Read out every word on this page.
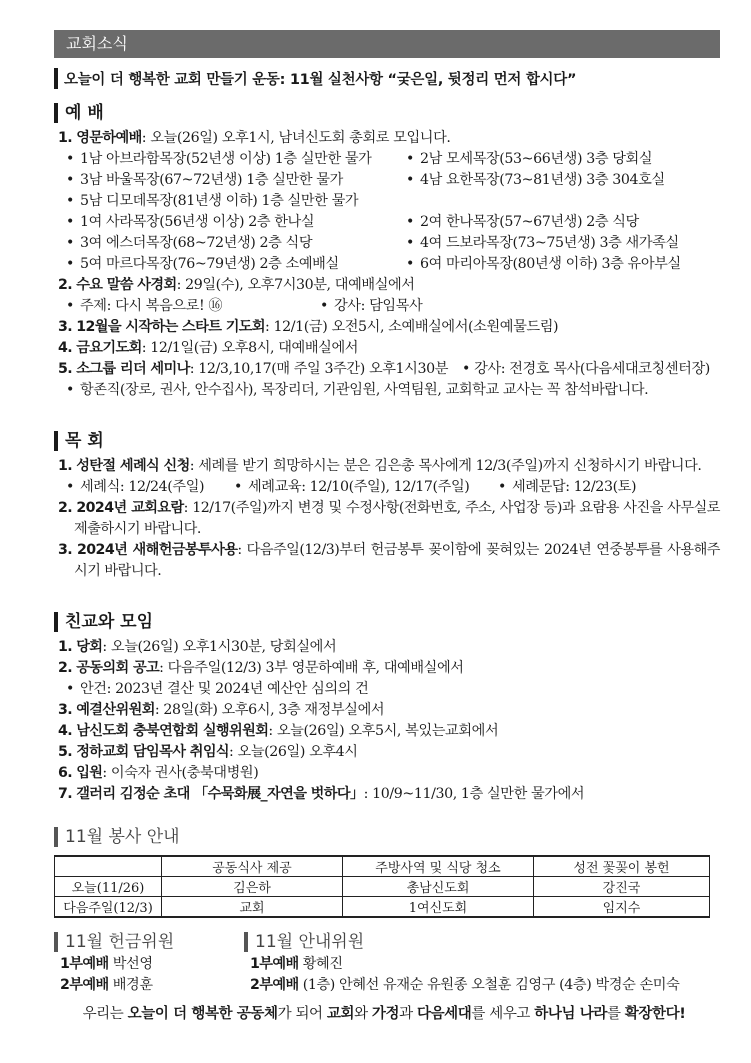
교회소식
오늘이 더 행복한 교회 만들기 운동: 11월 실천사항 “궂은일, 뒷정리 먼저 합시다”
예 배
1. 영문하예배: 오늘(26일) 오후1시, 남녀신도회 총회로 모입니다.
• 1남 아브라함목장(52년생 이상) 1층 실만한 물가	• 2남 모세목장(53~66년생) 3층 당회실
• 3남 바울목장(67~72년생) 1층 실만한 물가	• 4남 요한목장(73~81년생) 3층 304호실
• 5남 디모데목장(81년생 이하) 1층 실만한 물가
• 1여 사라목장(56년생 이상) 2층 한나실	• 2여 한나목장(57~67년생) 2층 식당
• 3여 에스더목장(68~72년생) 2층 식당	• 4여 드보라목장(73~75년생) 3층 새가족실
• 5여 마르다목장(76~79년생) 2층 소예배실	• 6여 마리아목장(80년생 이하) 3층 유아부실
2. 수요 말씀 사경회: 29일(수), 오후7시30분, 대예배실에서
• 주제: 다시 복음으로! ⑯	• 강사: 담임목사
3. 12월을 시작하는 스타트 기도회: 12/1(금) 오전5시, 소예배실에서(소원예물드림)
4. 금요기도회: 12/1일(금) 오후8시, 대예배실에서
5. 소그룹 리더 세미나: 12/3,10,17(매 주일 3주간) 오후1시30분 • 강사: 전경호 목사(다음세대코칭센터장)
• 항존직(장로, 권사, 안수집사), 목장리더, 기관임원, 사역팀원, 교회학교 교사는 꼭 참석바랍니다.
목 회
1. 성탄절 세례식 신청: 세례를 받기 희망하시는 분은 김은총 목사에게 12/3(주일)까지 신청하시기 바랍니다.
• 세례식: 12/24(주일)	• 세례교육: 12/10(주일), 12/17(주일)	• 세례문답: 12/23(토)
2. 2024년 교회요람: 12/17(주일)까지 변경 및 수정사항(전화번호, 주소, 사업장 등)과 요람용 사진을 사무실로 제출하시기 바랍니다.
3. 2024년 새해헌금봉투사용: 다음주일(12/3)부터 헌금봉투 꽂이함에 꽂혀있는 2024년 연중봉투를 사용해주시기 바랍니다.
친교와 모임
1. 당회: 오늘(26일) 오후1시30분, 당회실에서
2. 공동의회 공고: 다음주일(12/3) 3부 영문하예배 후, 대예배실에서
• 안건: 2023년 결산 및 2024년 예산안 심의의 건
3. 예결산위원회: 28일(화) 오후6시, 3층 재정부실에서
4. 남신도회 충북연합회 실행위원회: 오늘(26일) 오후5시, 복있는교회에서
5. 정하교회 담임목사 취임식: 오늘(26일) 오후4시
6. 입원: 이숙자 권사(충북대병원)
7. 갤러리 김정순 초대 「수묵화展_자연을 벗하다」: 10/9~11/30, 1층 실만한 물가에서
11월 봉사 안내
	공동식사 제공	주방사역 및 식당 청소	성전 꽃꽂이 봉헌
오늘(11/26)	김은하	총남신도회	강진국
다음주일(12/3)	교회	1여신도회	임지수
11월 헌금위원
1부예배 박선영
2부예배 배경훈
11월 안내위원
1부예배 황혜진
2부예배 (1층) 안혜선 유재순 유원종 오철훈 김영구 (4층) 박경순 손미숙
우리는 오늘이 더 행복한 공동체가 되어 교회와 가정과 다음세대를 세우고 하나님 나라를 확장한다!
